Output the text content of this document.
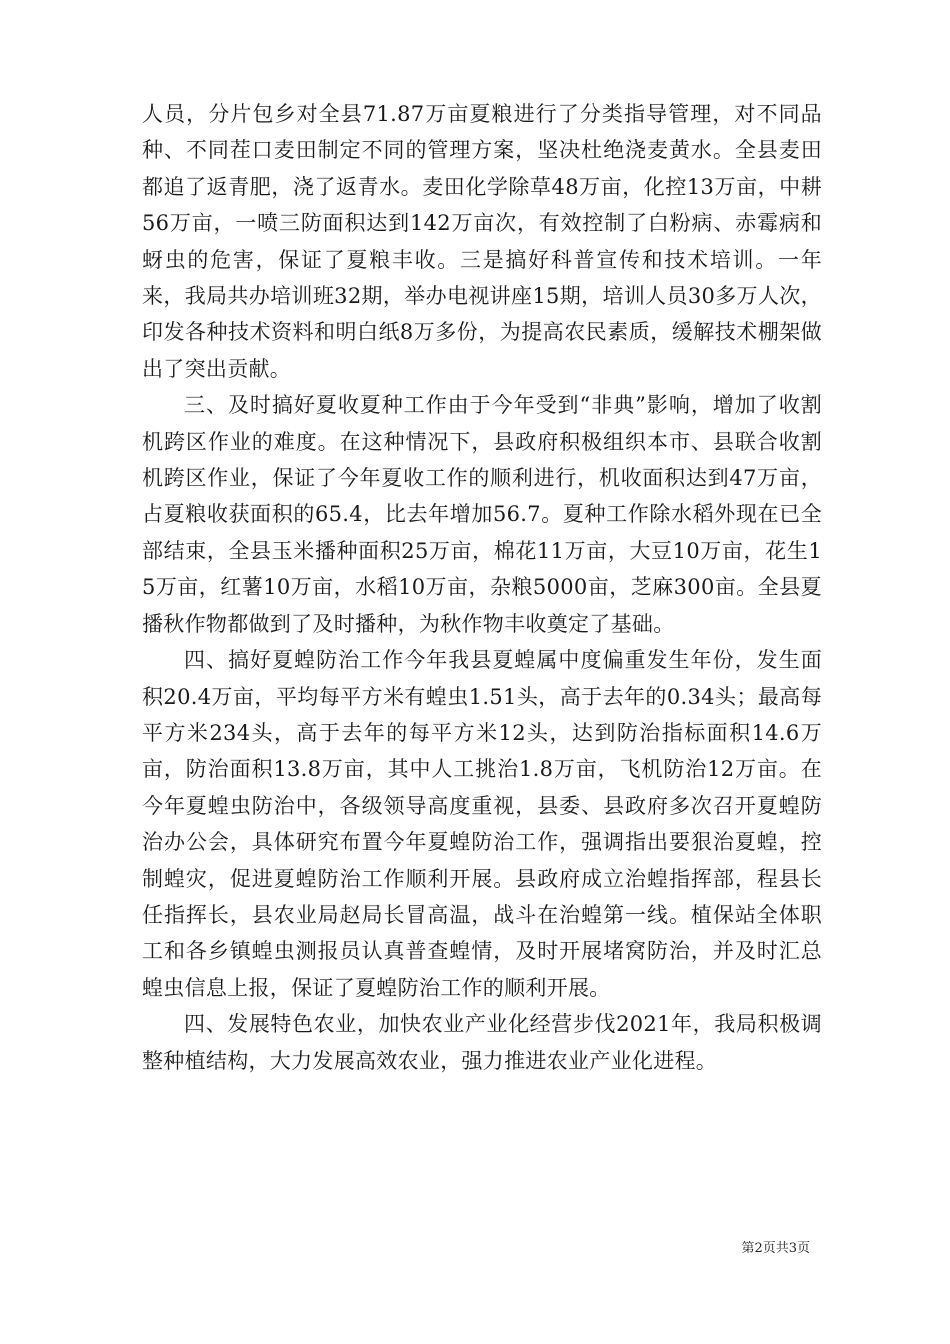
人员，分片包乡对全县71.87万亩夏粮进行了分类指导管理，对不同品种、不同茬口麦田制定不同的管理方案，坚决杜绝浇麦黄水。全县麦田都追了返青肥，浇了返青水。麦田化学除草48万亩，化控13万亩，中耕56万亩，一喷三防面积达到142万亩次，有效控制了白粉病、赤霉病和蚜虫的危害，保证了夏粮丰收。三是搞好科普宣传和技术培训。一年来，我局共办培训班32期，举办电视讲座15期，培训人员30多万人次，印发各种技术资料和明白纸8万多份，为提高农民素质，缓解技术棚架做出了突出贡献。

三、及时搞好夏收夏种工作由于今年受到“非典”影响，增加了收割机跨区作业的难度。在这种情况下，县政府积极组织本市、县联合收割机跨区作业，保证了今年夏收工作的顺利进行，机收面积达到47万亩，占夏粮收获面积的65.4，比去年增加56.7。夏种工作除水稻外现在已全部结束，全县玉米播种面积25万亩，棉花11万亩，大豆10万亩，花生15万亩，红薯10万亩，水稻10万亩，杂粮5000亩，芝麻300亩。全县夏播秋作物都做到了及时播种，为秋作物丰收奠定了基础。

四、搞好夏蝗防治工作今年我县夏蝗属中度偏重发生年份，发生面积20.4万亩，平均每平方米有蝗虫1.51头，高于去年的0.34头；最高每平方米234头，高于去年的每平方米12头，达到防治指标面积14.6万亩，防治面积13.8万亩，其中人工挑治1.8万亩，飞机防治12万亩。在今年夏蝗虫防治中，各级领导高度重视，县委、县政府多次召开夏蝗防治办公会，具体研究布置今年夏蝗防治工作，强调指出要狠治夏蝗，控制蝗灾，促进夏蝗防治工作顺利开展。县政府成立治蝗指挥部，程县长任指挥长，县农业局赵局长冒高温，战斗在治蝗第一线。植保站全体职工和各乡镇蝗虫测报员认真普查蝗情，及时开展堵窝防治，并及时汇总蝗虫信息上报，保证了夏蝗防治工作的顺利开展。

四、发展特色农业，加快农业产业化经营步伐2021年，我局积极调整种植结构，大力发展高效农业，强力推进农业产业化进程。

第2页共3页
